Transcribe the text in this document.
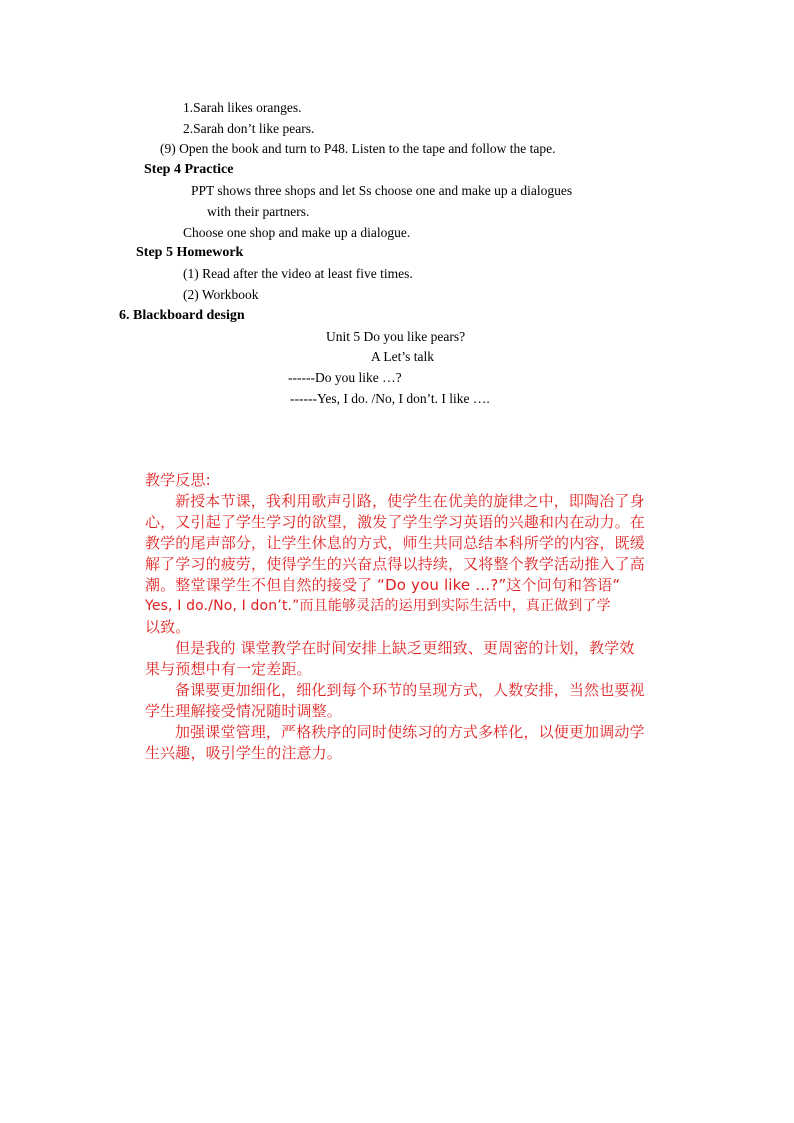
1.Sarah likes oranges.
2.Sarah don’t like pears.
(9) Open the book and turn to P48. Listen to the tape and follow the tape.
Step 4 Practice
PPT shows three shops and let Ss choose one and make up a dialogues
with their partners.
Choose one shop and make up a dialogue.
Step 5 Homework
(1) Read after the video at least five times.
(2) Workbook
6. Blackboard design
Unit 5 Do you like pears?
A Let’s talk
------Do you like …?
------Yes, I do. /No, I don’t. I like ….
教学反思:
新授本节课，我利用歌声引路，使学生在优美的旋律之中，即陶冶了身
心，又引起了学生学习的欲望，激发了学生学习英语的兴趣和内在动力。在
教学的尾声部分，让学生休息的方式，师生共同总结本科所学的内容，既缓
解了学习的疲劳，使得学生的兴奋点得以持续，又将整个教学活动推入了高
潮。整堂课学生不但自然的接受了 “Do you like …?”这个问句和答语“
Yes, I do./No, I don’t.”而且能够灵活的运用到实际生活中，真正做到了学
以致。
但是我的 课堂教学在时间安排上缺乏更细致、更周密的计划，教学效
果与预想中有一定差距。
备课要更加细化，细化到每个环节的呈现方式，人数安排，当然也要视
学生理解接受情况随时调整。
加强课堂管理，严格秩序的同时使练习的方式多样化，以便更加调动学
生兴趣，吸引学生的注意力。
